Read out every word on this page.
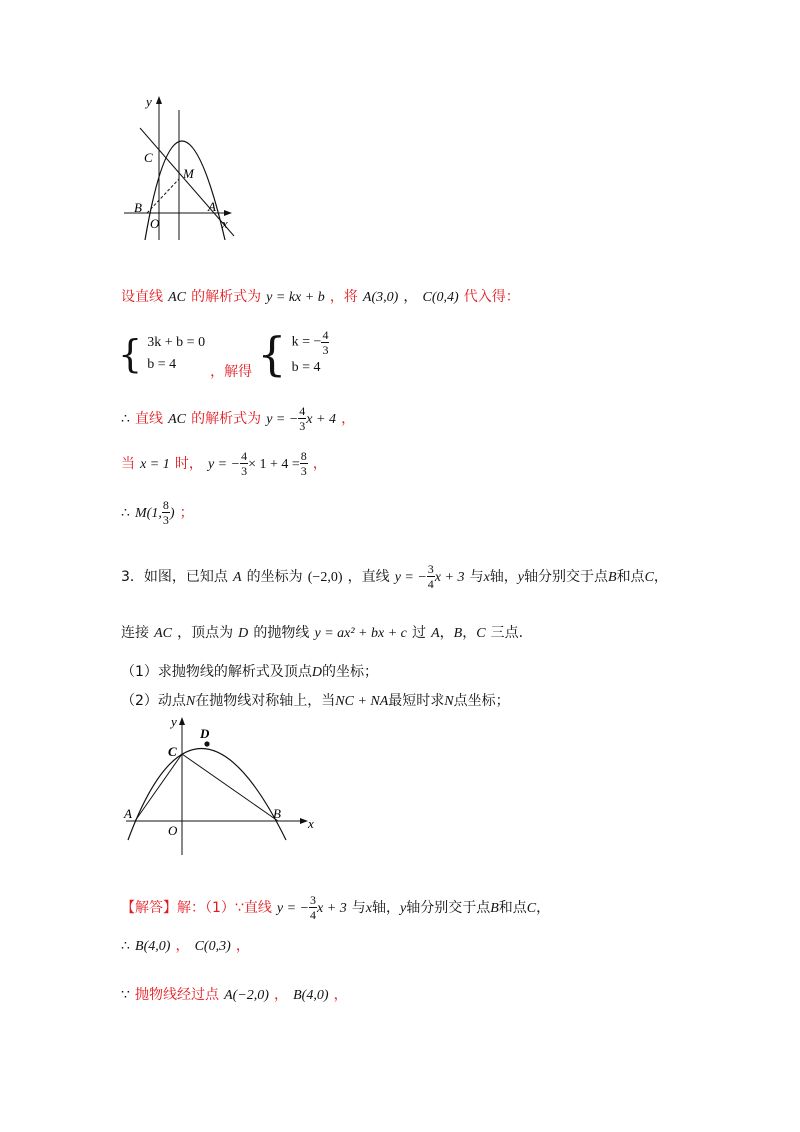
y
C
M
B
O
A
x
设直线 AC 的解析式为 y = kx + b ，将 A(3,0) ， C(0,4) 代入得：
{ 3k + b = 0
b = 4	，解得 { k = − $\frac{4}{3}$
b = 4
∴ 直线 AC 的解析式为 y = − $\frac{4}{3}$ x + 4 ，
当 x = 1 时， y = − $\frac{4}{3} \times 1 + 4 = \frac{8}{3}$ ，
∴ M(1, $\frac{8}{3}$ ) ；
3．如图，已知点 A 的坐标为 (−2,0) ，直线 y = − $\frac{3}{4}$ x + 3 与x轴，y轴分别交于点B和点C，
连接 AC ，顶点为 D 的抛物线 y = ax² + bx + c 过 A，B，C 三点.
（1）求抛物线的解析式及顶点D的坐标；
（2）动点N在抛物线对称轴上，当NC + NA最短时求N点坐标；
y
C
D
A
O
B
x
【解答】解：（1）∵直线 y = − $\frac{3}{4}$ x + 3 与x轴，y轴分别交于点B和点C，
∴ B(4,0) ， C(0,3) ，
∵ 抛物线经过点 A(−2,0) ， B(4,0) ，
